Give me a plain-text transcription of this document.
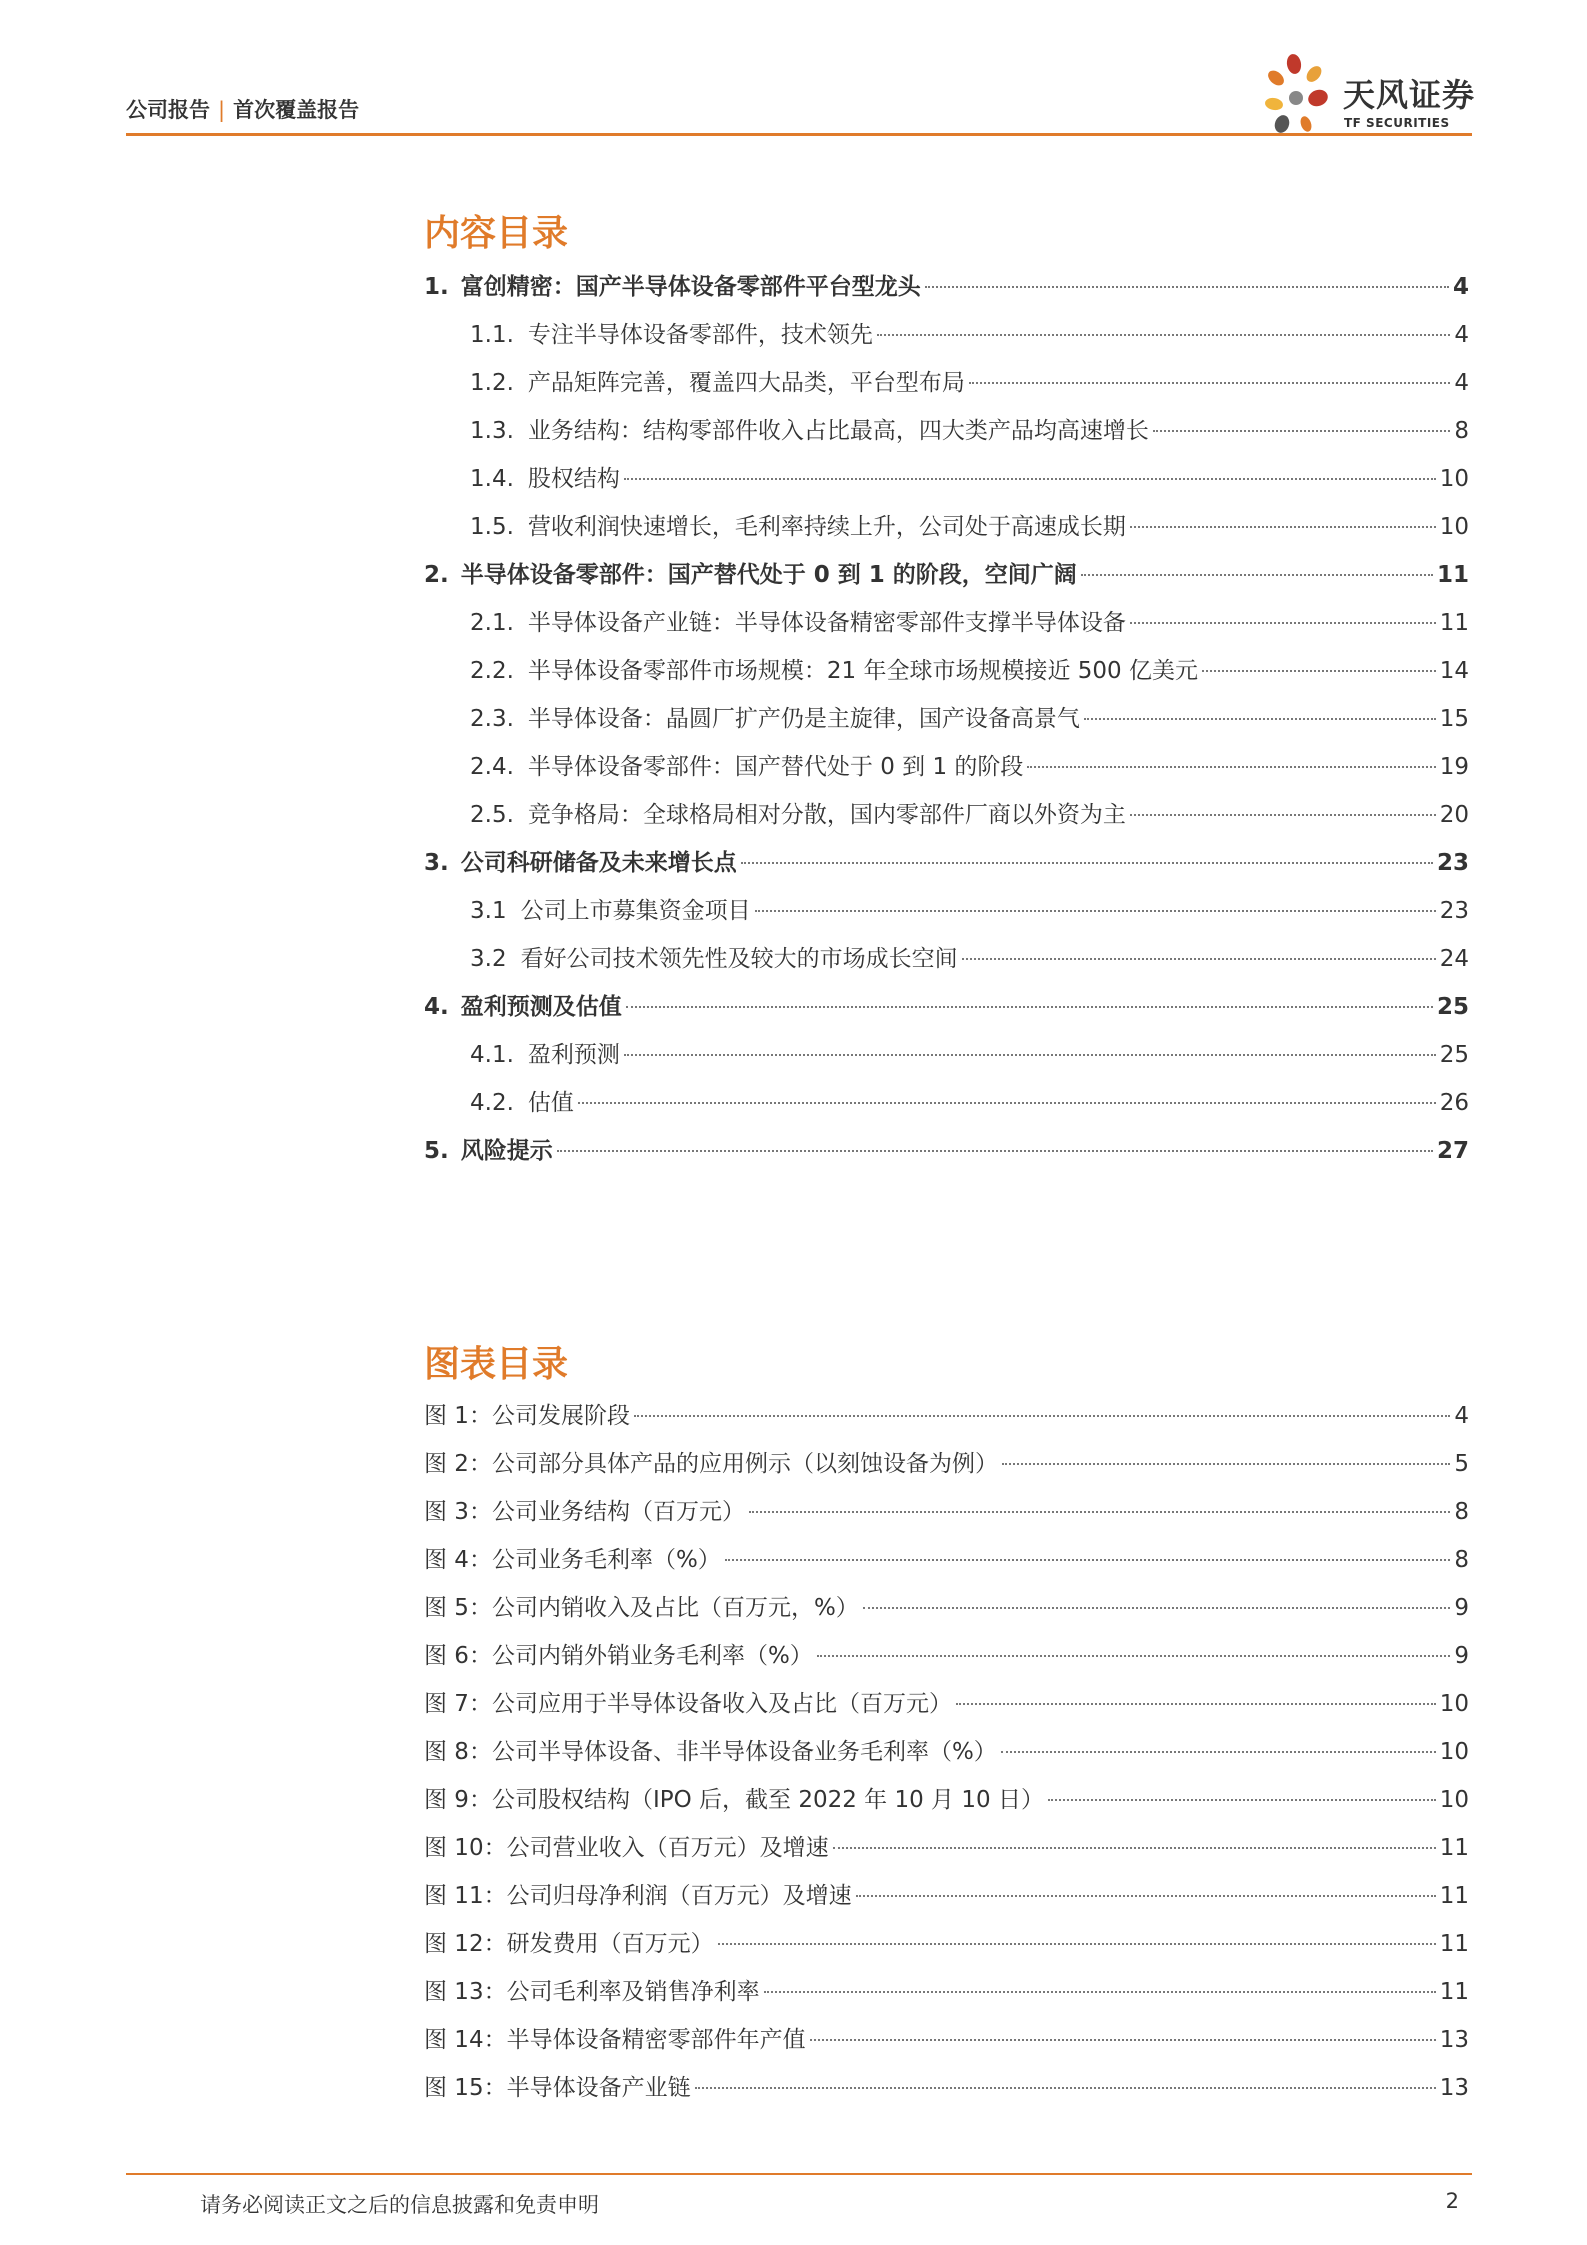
公司报告 | 首次覆盖报告	天风证券
TF SECURITIES
内容目录
1. 富创精密：国产半导体设备零部件平台型龙头	4
1.1. 专注半导体设备零部件，技术领先	4
1.2. 产品矩阵完善，覆盖四大品类，平台型布局	4
1.3. 业务结构：结构零部件收入占比最高，四大类产品均高速增长	8
1.4. 股权结构	10
1.5. 营收利润快速增长，毛利率持续上升，公司处于高速成长期	10
2. 半导体设备零部件：国产替代处于 0 到 1 的阶段，空间广阔	11
2.1. 半导体设备产业链：半导体设备精密零部件支撑半导体设备	11
2.2. 半导体设备零部件市场规模：21 年全球市场规模接近 500 亿美元	14
2.3. 半导体设备：晶圆厂扩产仍是主旋律，国产设备高景气	15
2.4. 半导体设备零部件：国产替代处于 0 到 1 的阶段	19
2.5. 竞争格局：全球格局相对分散，国内零部件厂商以外资为主	20
3. 公司科研储备及未来增长点	23
3.1 公司上市募集资金项目	23
3.2 看好公司技术领先性及较大的市场成长空间	24
4. 盈利预测及估值	25
4.1. 盈利预测	25
4.2. 估值	26
5. 风险提示	27
图表目录
图 1：公司发展阶段	4
图 2：公司部分具体产品的应用例示（以刻蚀设备为例）	5
图 3：公司业务结构（百万元）	8
图 4：公司业务毛利率（%）	8
图 5：公司内销收入及占比（百万元，%）	9
图 6：公司内销外销业务毛利率（%）	9
图 7：公司应用于半导体设备收入及占比（百万元）	10
图 8：公司半导体设备、非半导体设备业务毛利率（%）	10
图 9：公司股权结构（IPO 后，截至 2022 年 10 月 10 日）	10
图 10：公司营业收入（百万元）及增速	11
图 11：公司归母净利润（百万元）及增速	11
图 12：研发费用（百万元）	11
图 13：公司毛利率及销售净利率	11
图 14：半导体设备精密零部件年产值	13
图 15：半导体设备产业链	13
请务必阅读正文之后的信息披露和免责申明	2
